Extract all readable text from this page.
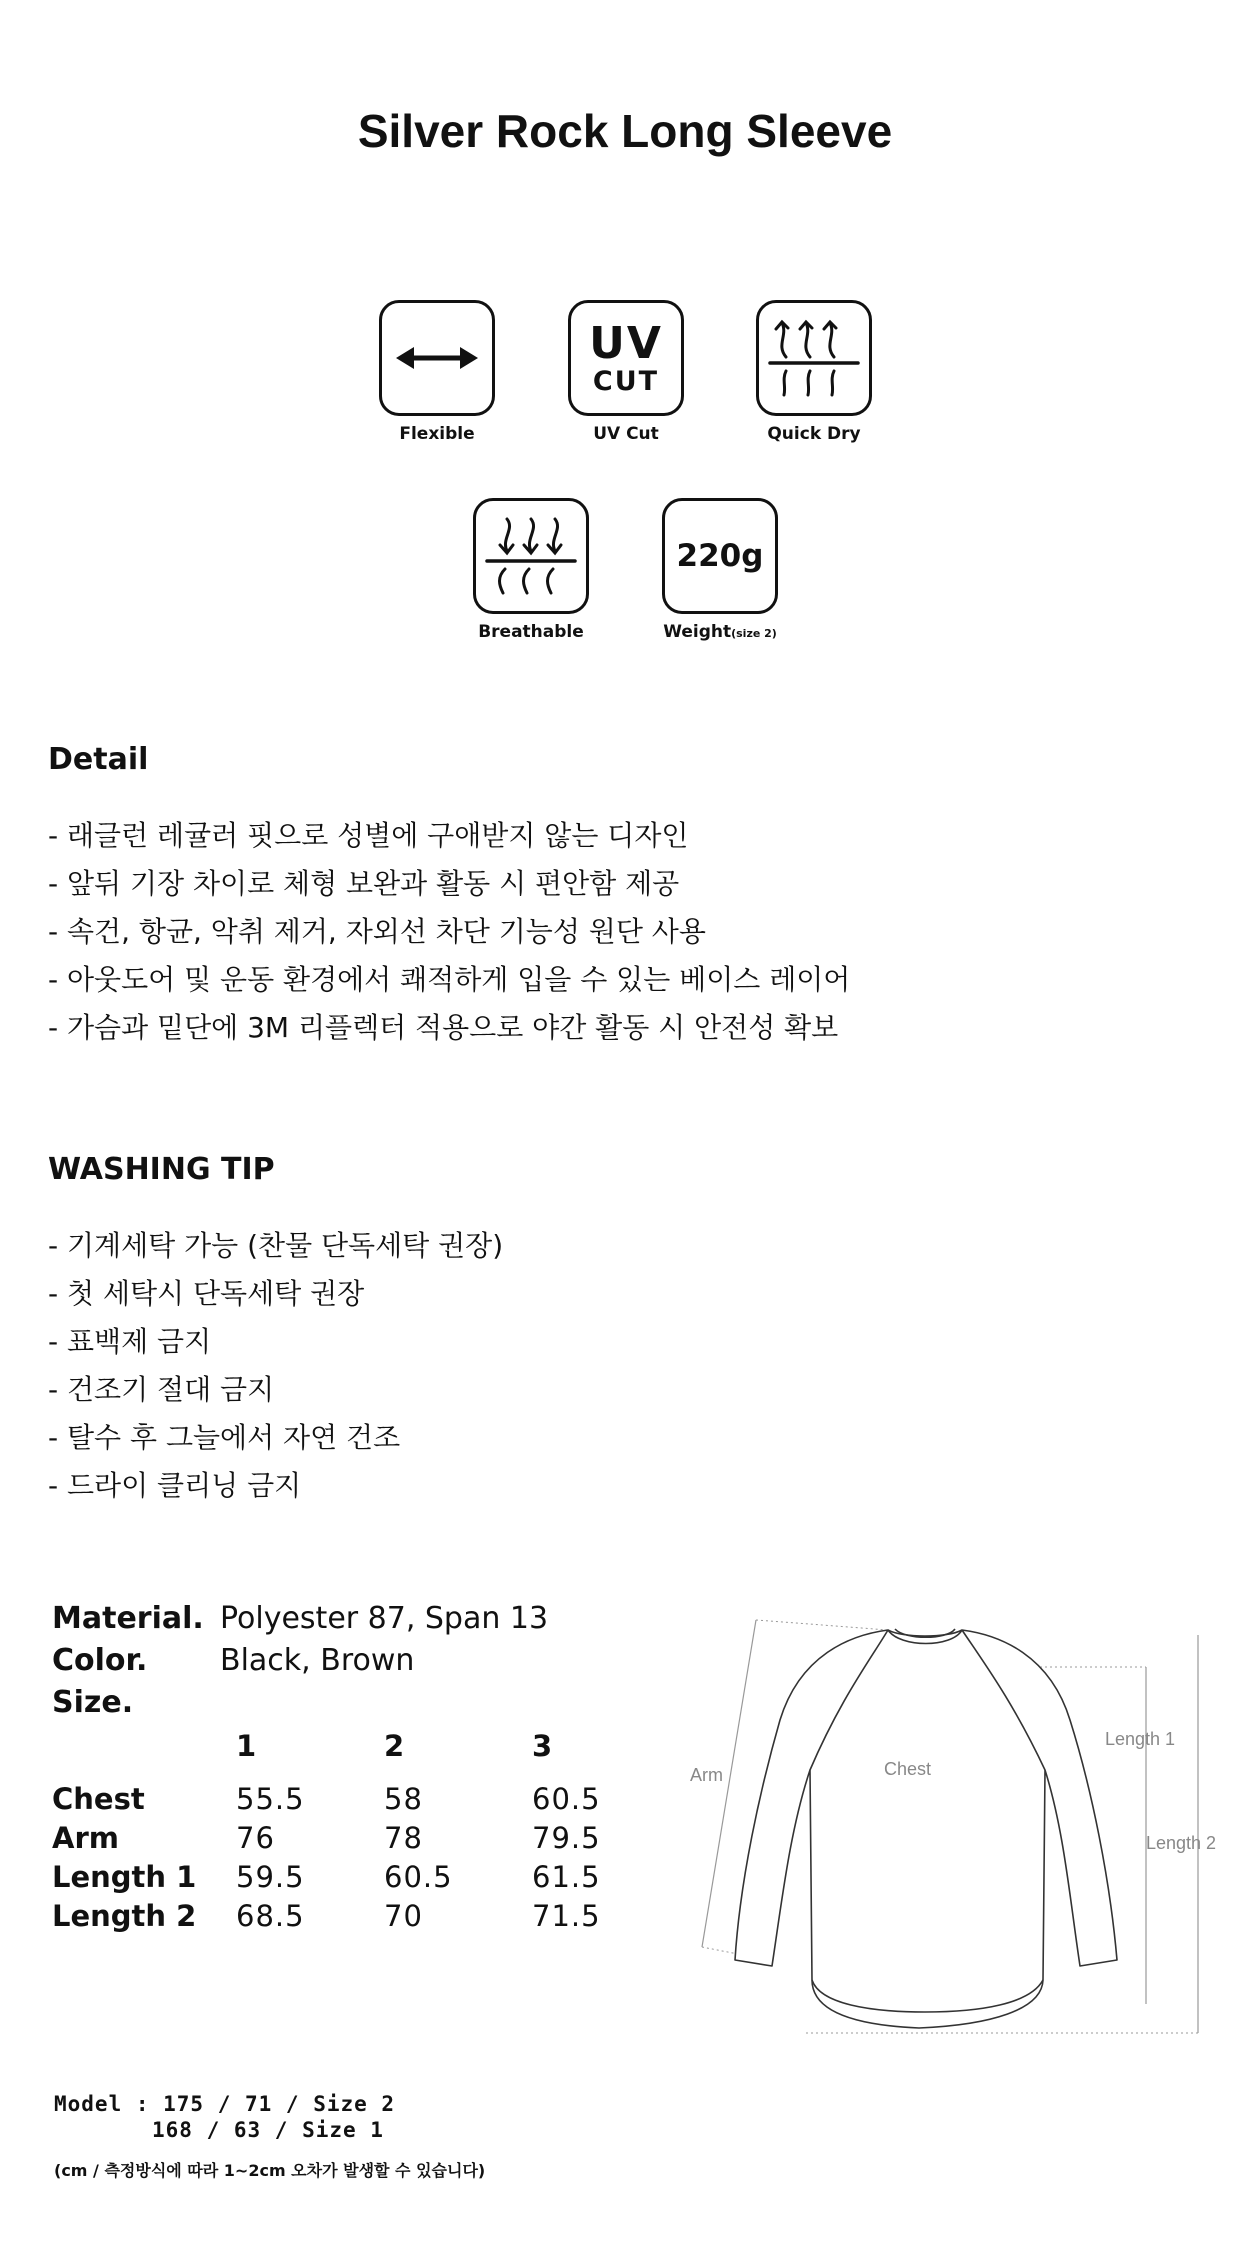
Silver Rock Long Sleeve
Flexible
UV
CUT
UV Cut	Quick Dry
Breathable
220g
Weight(size 2)
Detail
- 래글런 레귤러 핏으로 성별에 구애받지 않는 디자인
- 앞뒤 기장 차이로 체형 보완과 활동 시 편안함 제공
- 속건, 항균, 악취 제거, 자외선 차단 기능성 원단 사용
- 아웃도어 및 운동 환경에서 쾌적하게 입을 수 있는 베이스 레이어
- 가슴과 밑단에 3M 리플렉터 적용으로 야간 활동 시 안전성 확보
WASHING TIP
- 기계세탁 가능 (찬물 단독세탁 권장)
- 첫 세탁시 단독세탁 권장
- 표백제 금지
- 건조기 절대 금지
- 탈수 후 그늘에서 자연 건조
- 드라이 클리닝 금지
Material. Polyester 87, Span 13
Color. Black, Brown
Size.
1	2	3
Chest	55.5	58	60.5
Arm	76	78	79.5
Length 1 59.5	60.5	61.5
Length 2 68.5	70	71.5
Arm	Chest
Length 1
Length 2
Model : 175 / 71 / Size 2
168 / 63 / Size 1
(cm / 측정방식에 따라 1~2cm 오차가 발생할 수 있습니다)
